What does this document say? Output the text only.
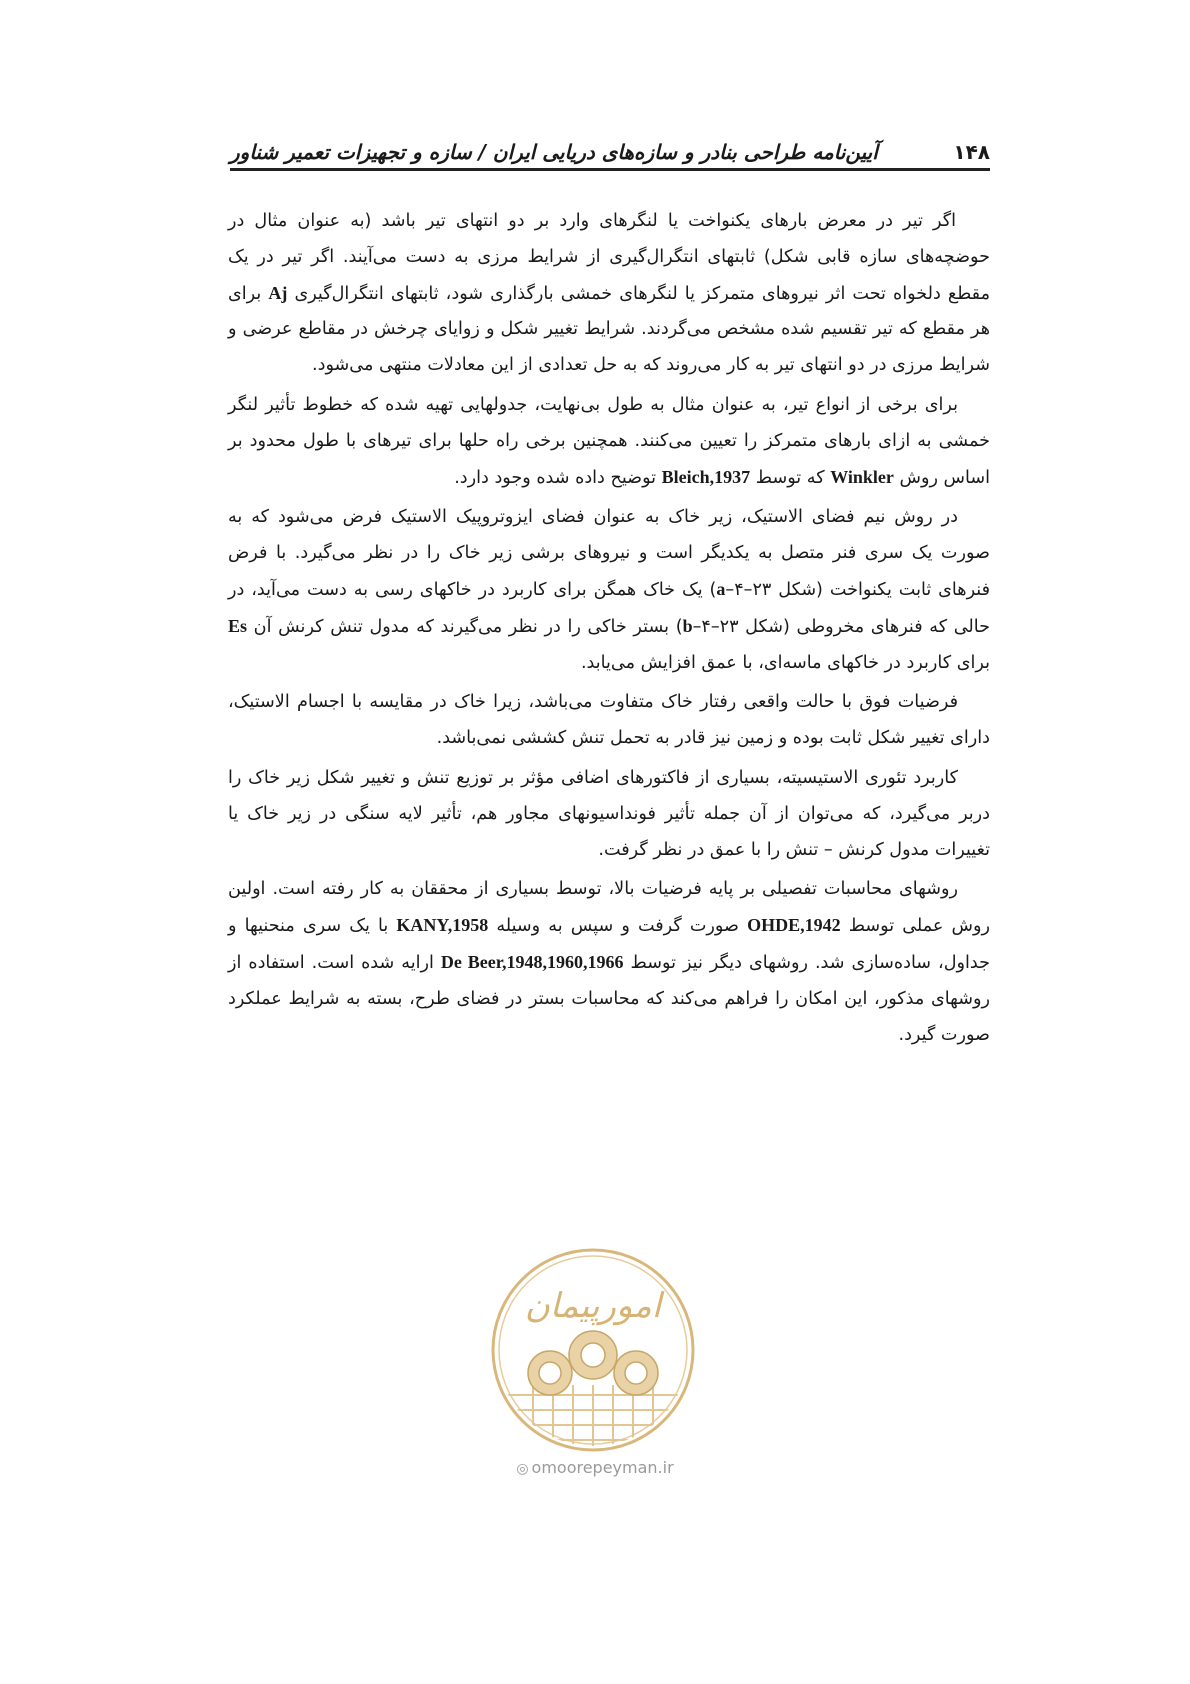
۱۴۸
آیین‌نامه طراحی بنادر و سازه‌های دریایی ایران / سازه و تجهیزات تعمیر شناور

اگر تیر در معرض بارهای یکنواخت یا لنگرهای وارد بر دو انتهای تیر باشد (به عنوان مثال در حوضچه‌های سازه قابی شکل) ثابتهای انتگرال‌گیری از شرایط مرزی به دست می‌آیند. اگر تیر در یک مقطع دلخواه تحت اثر نیروهای متمرکز یا لنگرهای خمشی بارگذاری شود، ثابتهای انتگرال‌گیری Aj برای هر مقطع که تیر تقسیم شده مشخص می‌گردند. شرایط تغییر شکل و زوایای چرخش در مقاطع عرضی و شرایط مرزی در دو انتهای تیر به کار می‌روند که به حل تعدادی از این معادلات منتهی می‌شود.

برای برخی از انواع تیر، به عنوان مثال به طول بی‌نهایت، جدولهایی تهیه شده که خطوط تأثیر لنگر خمشی به ازای بارهای متمرکز را تعیین می‌کنند. همچنین برخی راه حلها برای تیرهای با طول محدود بر اساس روش Winkler که توسط Bleich,1937 توضیح داده شده وجود دارد.

در روش نیم فضای الاستیک، زیر خاک به عنوان فضای ایزوتروپیک الاستیک فرض می‌شود که به صورت یک سری فنر متصل به یکدیگر است و نیروهای برشی زیر خاک را در نظر می‌گیرد. با فرض فنرهای ثابت یکنواخت (شکل a–۴–۲۳) یک خاک همگن برای کاربرد در خاکهای رسی به دست می‌آید، در حالی که فنرهای مخروطی (شکل b–۴–۲۳) بستر خاکی را در نظر می‌گیرند که مدول تنش کرنش آن Es برای کاربرد در خاکهای ماسه‌ای، با عمق افزایش می‌یابد.

فرضیات فوق با حالت واقعی رفتار خاک متفاوت می‌باشد، زیرا خاک در مقایسه با اجسام الاستیک، دارای تغییر شکل ثابت بوده و زمین نیز قادر به تحمل تنش کششی نمی‌باشد.

کاربرد تئوری الاستیسیته، بسیاری از فاکتورهای اضافی مؤثر بر توزیع تنش و تغییر شکل زیر خاک را دربر می‌گیرد، که می‌توان از آن جمله تأثیر فونداسیونهای مجاور هم، تأثیر لایه سنگی در زیر خاک یا تغییرات مدول کرنش – تنش را با عمق در نظر گرفت.

روشهای محاسبات تفصیلی بر پایه فرضیات بالا، توسط بسیاری از محققان به کار رفته است. اولین روش عملی توسط OHDE,1942 صورت گرفت و سپس به وسیله KANY,1958 با یک سری منحنیها و جداول، ساده‌سازی شد. روشهای دیگر نیز توسط De Beer,1948,1960,1966 ارایه شده است. استفاده از روشهای مذکور، این امکان را فراهم می‌کند که محاسبات بستر در فضای طرح، بسته به شرایط عملکرد صورت گیرد.

امورپیمان
◎ omoorepeyman.ir
